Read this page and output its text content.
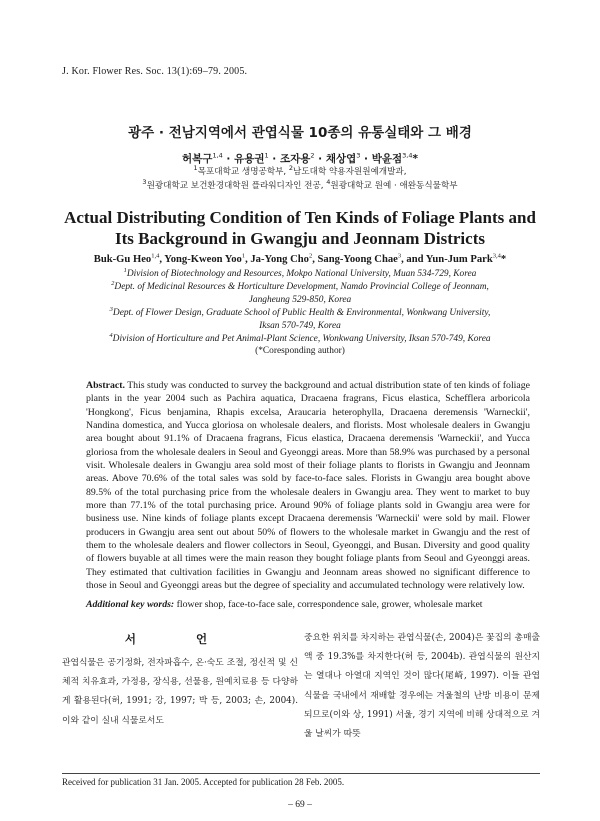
J. Kor. Flower Res. Soc. 13(1):69–79. 2005.
광주 · 전남지역에서 관엽식물 10종의 유통실태와 그 배경
허복구$^{1,4}$ · 유용권$^1$ · 조자용$^2$ · 채상엽$^3$ · 박윤점$^{3,4}$*
$^1$목포대학교 생명공학부, $^2$남도대학 약용자원원예개발과,
$^3$원광대학교 보건환경대학원 플라워디자인 전공, $^4$원광대학교 원예 · 애완동식물학부
Actual Distributing Condition of Ten Kinds of Foliage Plants and
Its Background in Gwangju and Jeonnam Districts
Buk-Gu Heo$^{1,4}$, Yong-Kweon Yoo$^1$, Ja-Yong Cho$^2$, Sang-Yoong Chae$^3$, and Yun-Jum Park$^{3,4}$*
$^1$Division of Biotechnology and Resources, Mokpo National University, Muan 534-729, Korea
$^2$Dept. of Medicinal Resources & Horticulture Development, Namdo Provincial College of Jeonnam,
Jangheung 529-850, Korea
$^3$Dept. of Flower Design, Graduate School of Public Health & Environmental, Wonkwang University,
Iksan 570-749, Korea
$^4$Division of Horticulture and Pet Animal-Plant Science, Wonkwang University, Iksan 570-749, Korea
(*Coresponding author)
Abstract. This study was conducted to survey the background and actual distribution state of ten kinds of foliage plants in the year 2004 such as Pachira aquatica, Dracaena fragrans, Ficus elastica, Schefflera arboricola 'Hongkong', Ficus benjamina, Rhapis excelsa, Araucaria heterophylla, Dracaena deremensis 'Warneckii', Nandina domestica, and Yucca gloriosa on wholesale dealers, and florists. Most wholesale dealers in Gwangju area bought about 91.1% of Dracaena fragrans, Ficus elastica, Dracaena deremensis 'Warneckii', and Yucca gloriosa from the wholesale dealers in Seoul and Gyeonggi areas. More than 58.9% was purchased by a personal visit. Wholesale dealers in Gwangju area sold most of their foliage plants to florists in Gwangju and Jeonnam areas. Above 70.6% of the total sales was sold by face-to-face sales. Florists in Gwangju area bought above 89.5% of the total purchasing price from the wholesale dealers in Gwangju area. They went to market to buy more than 77.1% of the total purchasing price. Around 90% of foliage plants sold in Gwangju area were for business use. Nine kinds of foliage plants except Dracaena deremensis 'Warneckii' were sold by mail. Flower producers in Gwangju area sent out about 50% of flowers to the wholesale market in Gwangju and the rest of them to the wholesale dealers and flower collectors in Seoul, Gyeonggi, and Busan. Diversity and good quality of flowers buyable at all times were the main reason they bought foliage plants from Seoul and Gyeonggi areas. They estimated that cultivation facilities in Gwangju and Jeonnam areas showed no significant difference to those in Seoul and Gyeonggi areas but the degree of speciality and accumulated technology were relatively low.
Additional key words: flower shop, face-to-face sale, correspondence sale, grower, wholesale market
서 언
관엽식물은 공기정화, 전자파흡수, 온·숙도 조절, 정신적 및 신체적 치유효과, 가정용, 장식용, 선물용, 원예치료용 등 다양하게 활용된다(허, 1991; 강, 1997; 박 등, 2003; 손, 2004). 이와 같이 실내 식물로서도
중요한 위치를 차지하는 관엽식물(손, 2004)은 꽃집의 총매출액 중 19.3%를 차지한다(허 등, 2004b). 관엽식물의 원산지는 열대나 아열대 지역인 것이 많다(尾崎, 1997). 이들 관엽식물을 국내에서 재배할 경우에는 겨울철의 난방 비용이 문제되므로(이와 상, 1991) 서울, 경기 지역에 비해 상대적으로 겨울 날씨가 따뜻
Received for publication 31 Jan. 2005. Accepted for publication 28 Feb. 2005.
– 69 –
